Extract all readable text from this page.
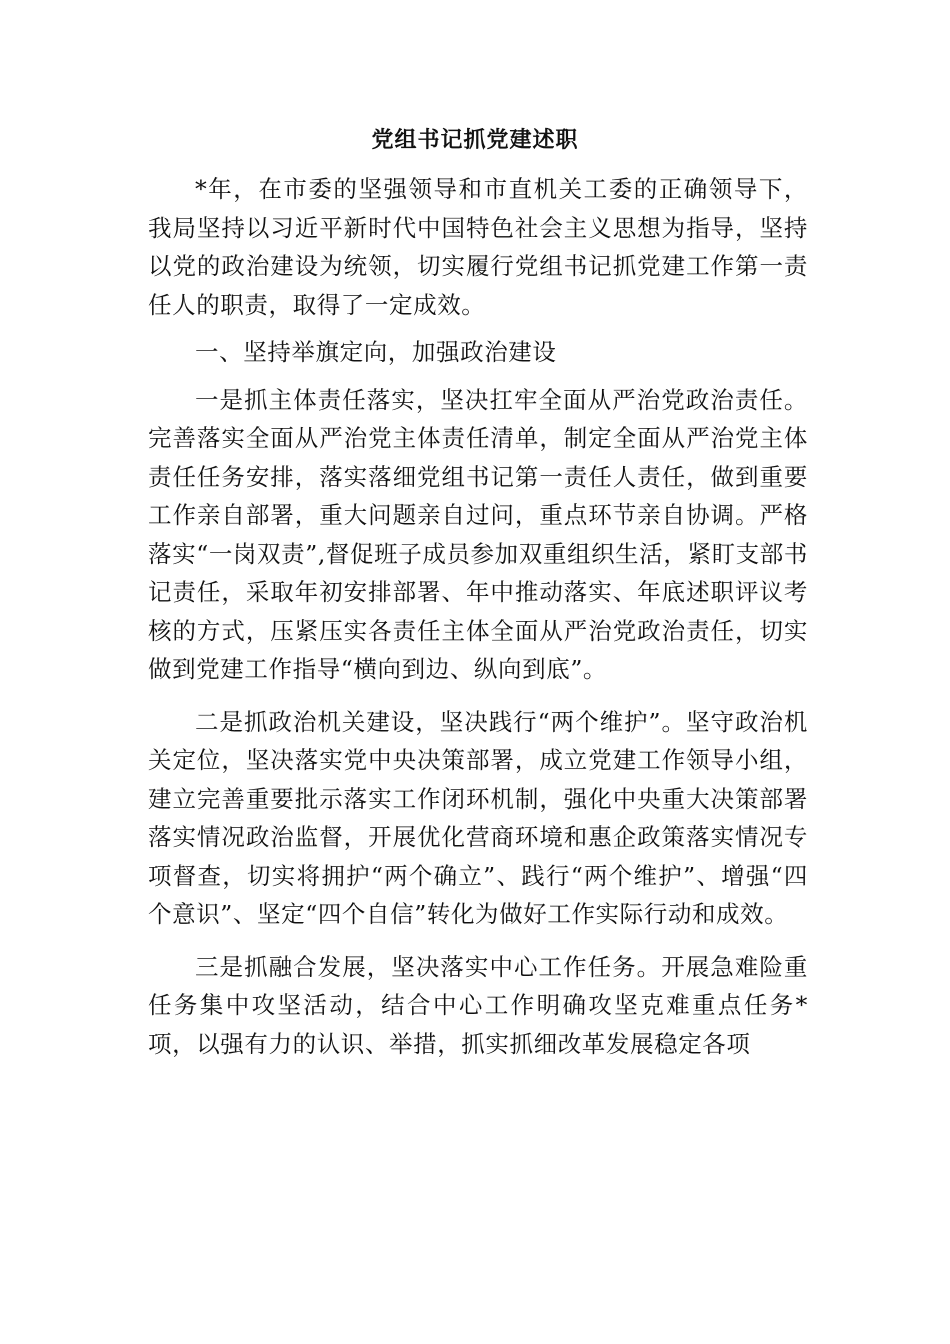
党组书记抓党建述职

*年，在市委的坚强领导和市直机关工委的正确领导下，我局坚持以习近平新时代中国特色社会主义思想为指导，坚持以党的政治建设为统领，切实履行党组书记抓党建工作第一责任人的职责，取得了一定成效。

一、坚持举旗定向，加强政治建设

一是抓主体责任落实，坚决扛牢全面从严治党政治责任。完善落实全面从严治党主体责任清单，制定全面从严治党主体责任任务安排，落实落细党组书记第一责任人责任，做到重要工作亲自部署，重大问题亲自过问，重点环节亲自协调。严格落实“一岗双责”,督促班子成员参加双重组织生活，紧盯支部书记责任，采取年初安排部署、年中推动落实、年底述职评议考核的方式，压紧压实各责任主体全面从严治党政治责任，切实做到党建工作指导“横向到边、纵向到底”。

二是抓政治机关建设，坚决践行“两个维护”。坚守政治机关定位，坚决落实党中央决策部署，成立党建工作领导小组，建立完善重要批示落实工作闭环机制，强化中央重大决策部署落实情况政治监督，开展优化营商环境和惠企政策落实情况专项督查，切实将拥护“两个确立”、践行“两个维护”、增强“四个意识”、坚定“四个自信”转化为做好工作实际行动和成效。

三是抓融合发展，坚决落实中心工作任务。开展急难险重任务集中攻坚活动，结合中心工作明确攻坚克难重点任务*项，以强有力的认识、举措，抓实抓细改革发展稳定各项
